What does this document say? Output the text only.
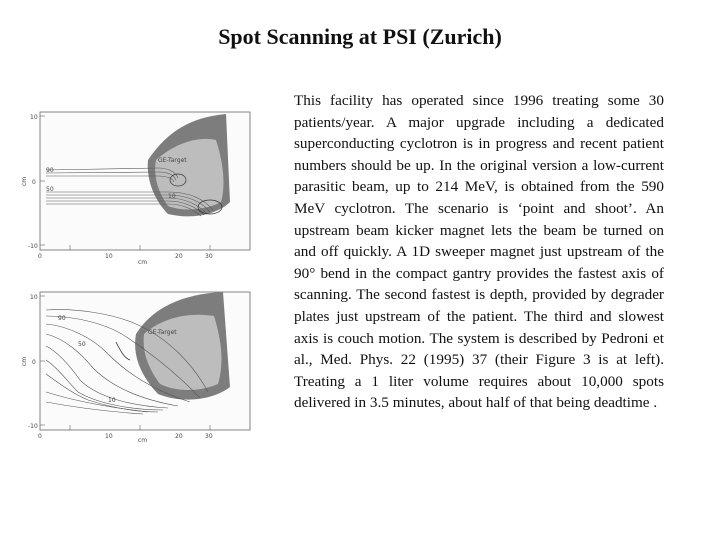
Spot Scanning at PSI (Zurich)
GE-Target
90
50
10
10
0
-10
cm
0	10	20	30
cm
GE-Target
90
50
10
10
0
-10
cm
0	10	20	30
cm
This facility has operated since 1996 treating some 30 patients/year. A major upgrade including a dedicated superconducting cyclotron is in progress and recent patient numbers should be up. In the original version a low-current parasitic beam, up to 214 MeV, is obtained from the 590 MeV cyclotron. The scenario is ‘point and shoot’. An upstream beam kicker magnet lets the beam be turned on and off quickly. A 1D sweeper magnet just upstream of the 90° bend in the compact gantry provides the fastest axis of scanning. The second fastest is depth, provided by degrader plates just upstream of the patient. The third and slowest axis is couch motion. The system is described by Pedroni et al., Med. Phys. 22 (1995) 37 (their Figure 3 is at left). Treating a 1 liter volume requires about 10,000 spots delivered in 3.5 minutes, about half of that being deadtime .
